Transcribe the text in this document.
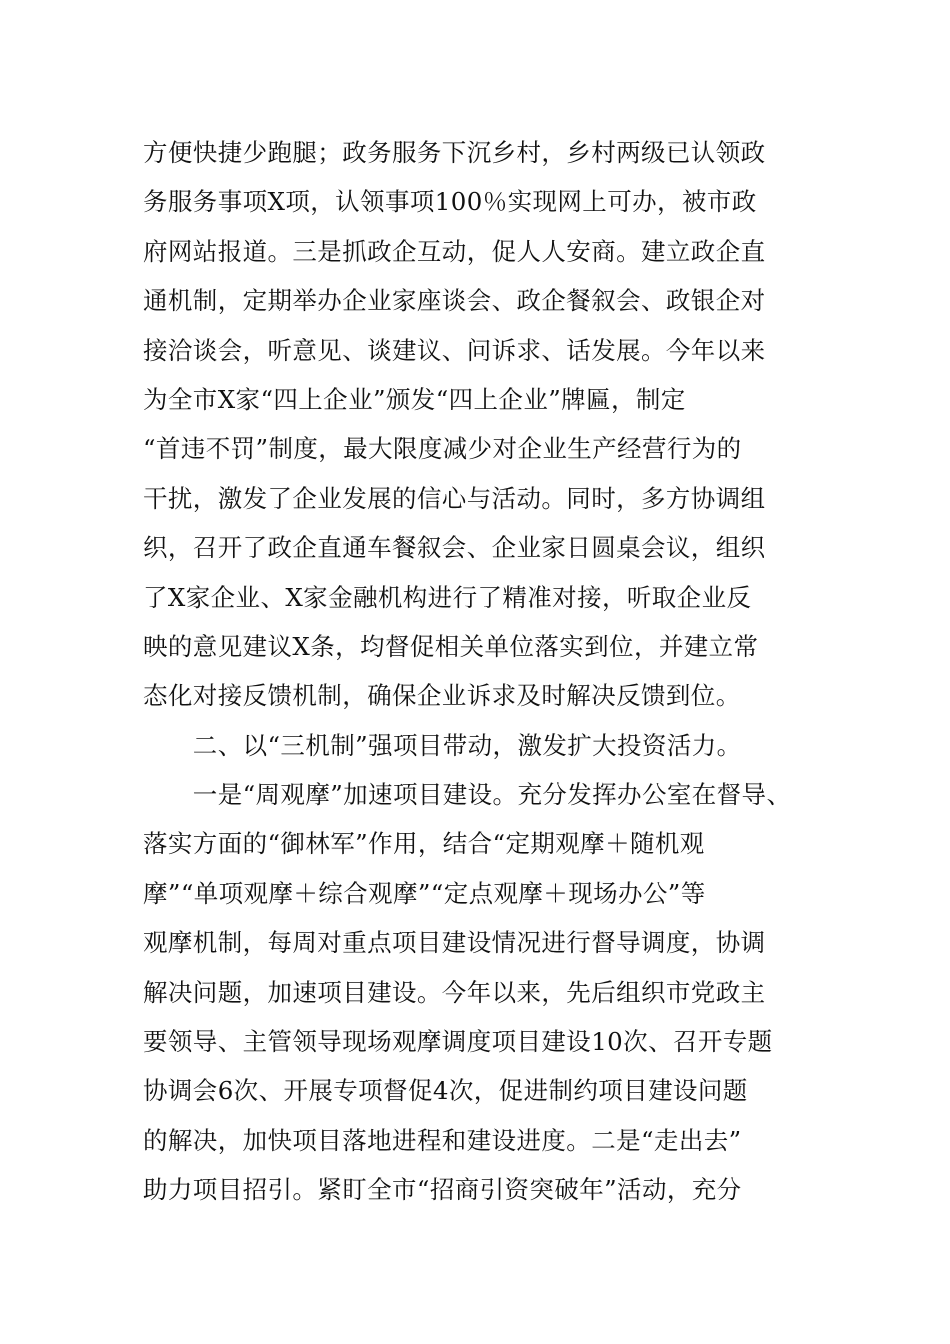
方便快捷少跑腿；政务服务下沉乡村，乡村两级已认领政
务服务事项X项，认领事项100％实现网上可办，被市政
府网站报道。三是抓政企互动，促人人安商。建立政企直
通机制，定期举办企业家座谈会、政企餐叙会、政银企对
接洽谈会，听意见、谈建议、问诉求、话发展。今年以来
为全市X家“四上企业”颁发“四上企业”牌匾，制定
“首违不罚”制度，最大限度减少对企业生产经营行为的
干扰，激发了企业发展的信心与活动。同时，多方协调组
织，召开了政企直通车餐叙会、企业家日圆桌会议，组织
了X家企业、X家金融机构进行了精准对接，听取企业反
映的意见建议X条，均督促相关单位落实到位，并建立常
态化对接反馈机制，确保企业诉求及时解决反馈到位。
　　二、以“三机制”强项目带动，激发扩大投资活力。
　　一是“周观摩”加速项目建设。充分发挥办公室在督导、
落实方面的“御林军”作用，结合“定期观摩＋随机观
摩”“单项观摩＋综合观摩”“定点观摩＋现场办公”等
观摩机制，每周对重点项目建设情况进行督导调度，协调
解决问题，加速项目建设。今年以来，先后组织市党政主
要领导、主管领导现场观摩调度项目建设10次、召开专题
协调会6次、开展专项督促4次，促进制约项目建设问题
的解决，加快项目落地进程和建设进度。二是“走出去”
助力项目招引。紧盯全市“招商引资突破年”活动，充分
